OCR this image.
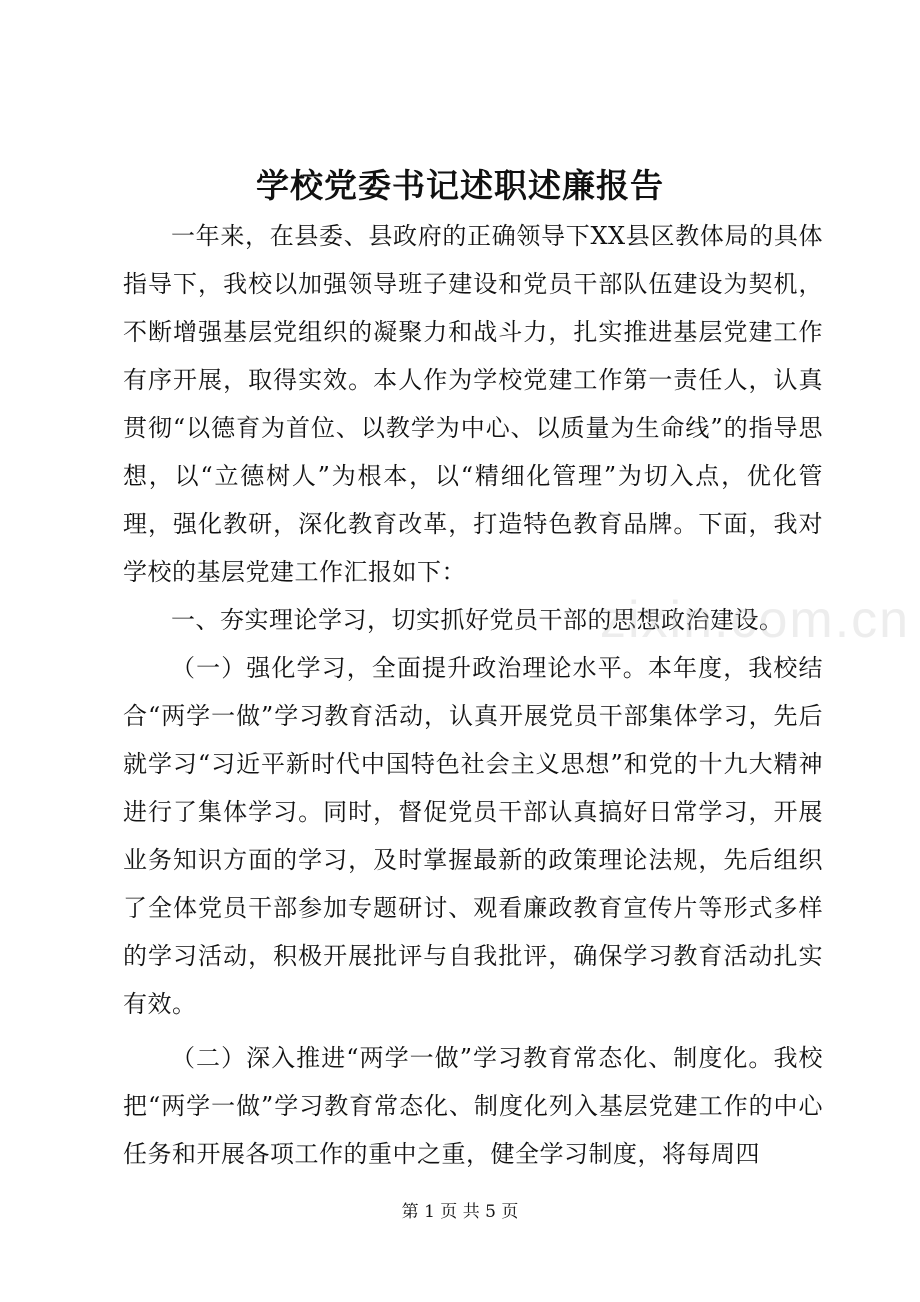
学校党委书记述职述廉报告

一年来，在县委、县政府的正确领导下XX县区教体局的具体指导下，我校以加强领导班子建设和党员干部队伍建设为契机，不断增强基层党组织的凝聚力和战斗力，扎实推进基层党建工作有序开展，取得实效。本人作为学校党建工作第一责任人，认真贯彻“以德育为首位、以教学为中心、以质量为生命线”的指导思想，以“立德树人”为根本，以“精细化管理”为切入点，优化管理，强化教研，深化教育改革，打造特色教育品牌。下面，我对学校的基层党建工作汇报如下：

一、夯实理论学习，切实抓好党员干部的思想政治建设。

（一）强化学习，全面提升政治理论水平。本年度，我校结合“两学一做”学习教育活动，认真开展党员干部集体学习，先后就学习“习近平新时代中国特色社会主义思想”和党的十九大精神进行了集体学习。同时，督促党员干部认真搞好日常学习，开展业务知识方面的学习，及时掌握最新的政策理论法规，先后组织了全体党员干部参加专题研讨、观看廉政教育宣传片等形式多样的学习活动，积极开展批评与自我批评，确保学习教育活动扎实有效。

（二）深入推进“两学一做”学习教育常态化、制度化。我校把“两学一做”学习教育常态化、制度化列入基层党建工作的中心任务和开展各项工作的重中之重，健全学习制度，将每周四

zixin.com.cn
第 1 页 共 5 页
